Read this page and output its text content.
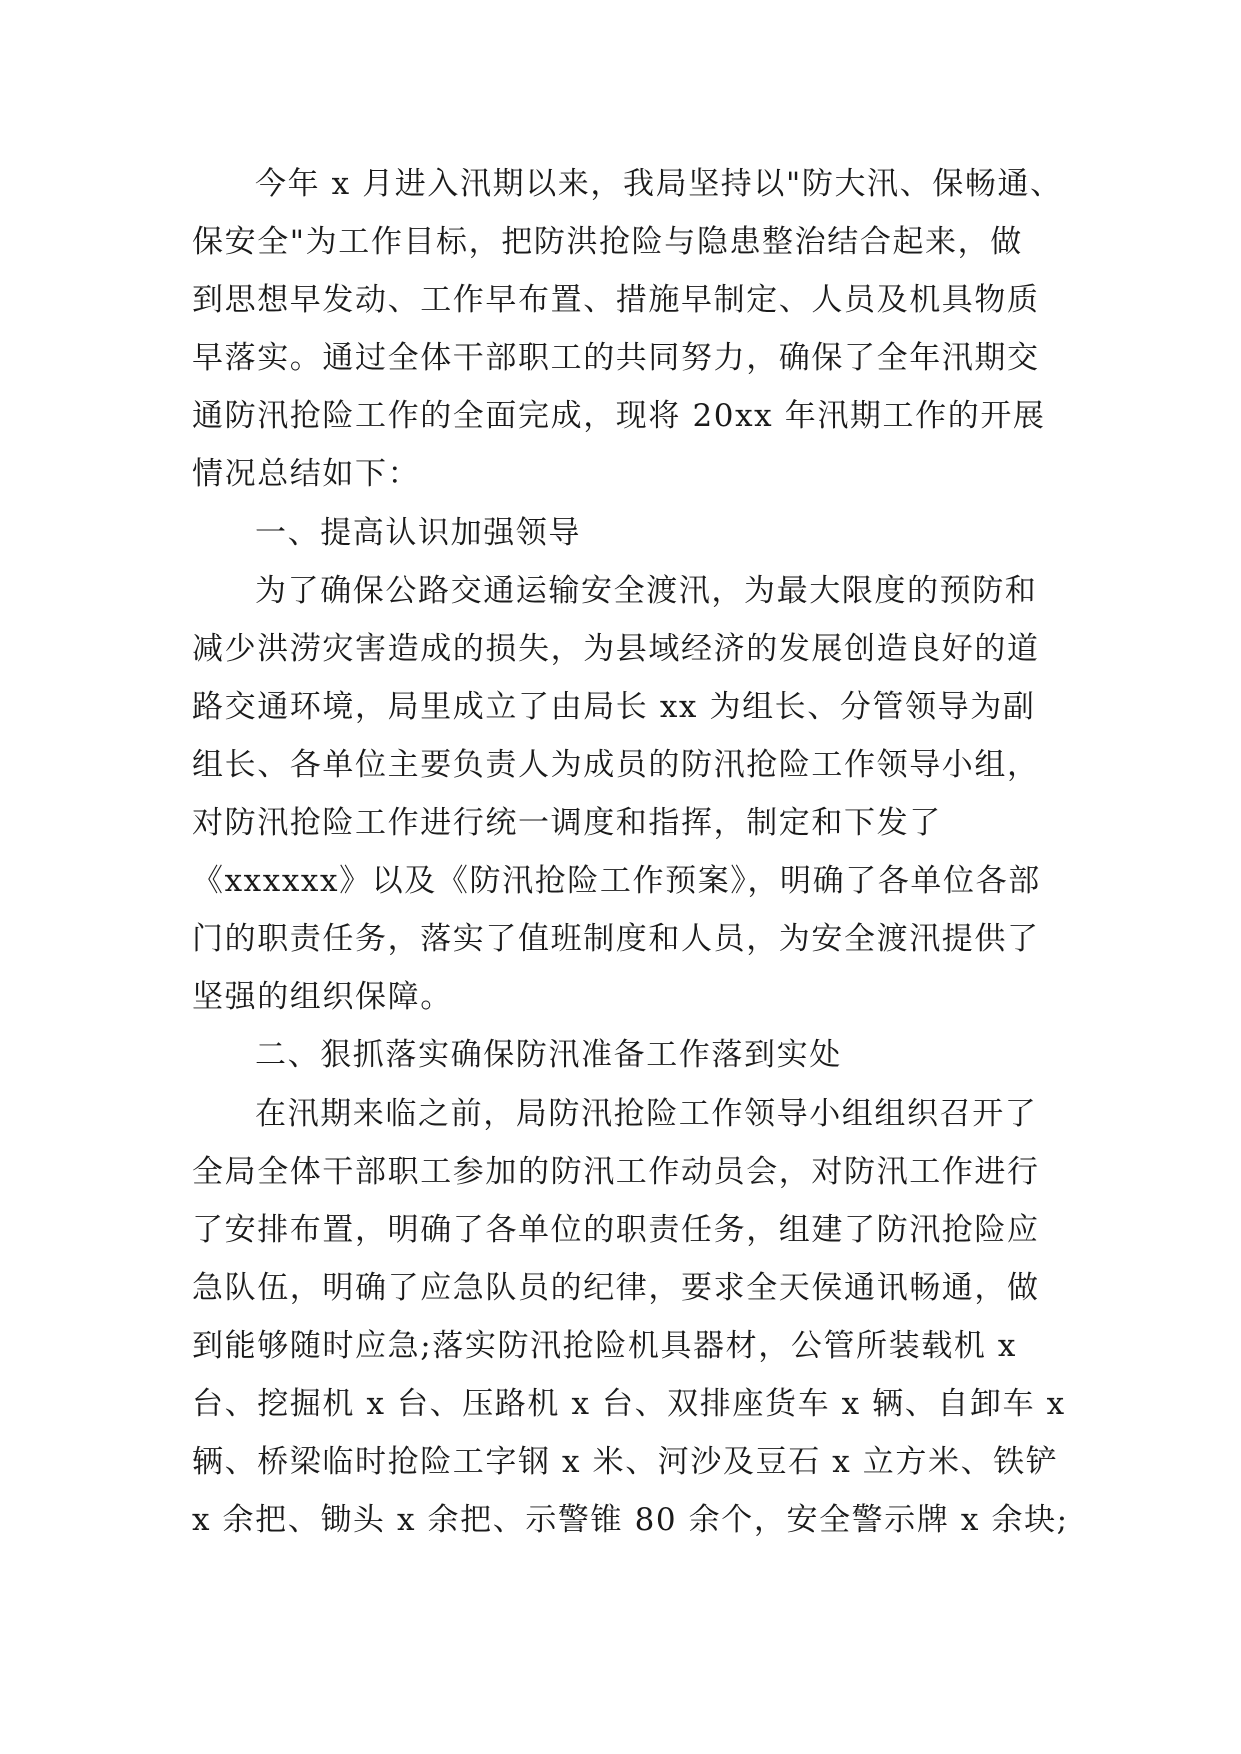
今年 x 月进入汛期以来，我局坚持以"防大汛、保畅通、
保安全"为工作目标，把防洪抢险与隐患整治结合起来，做
到思想早发动、工作早布置、措施早制定、人员及机具物质
早落实。通过全体干部职工的共同努力，确保了全年汛期交
通防汛抢险工作的全面完成，现将 20xx 年汛期工作的开展
情况总结如下：
一、提高认识加强领导
为了确保公路交通运输安全渡汛，为最大限度的预防和
减少洪涝灾害造成的损失，为县域经济的发展创造良好的道
路交通环境，局里成立了由局长 xx 为组长、分管领导为副
组长、各单位主要负责人为成员的防汛抢险工作领导小组，
对防汛抢险工作进行统一调度和指挥，制定和下发了
《xxxxxx》以及《防汛抢险工作预案》，明确了各单位各部
门的职责任务，落实了值班制度和人员，为安全渡汛提供了
坚强的组织保障。
二、狠抓落实确保防汛准备工作落到实处
在汛期来临之前，局防汛抢险工作领导小组组织召开了
全局全体干部职工参加的防汛工作动员会，对防汛工作进行
了安排布置，明确了各单位的职责任务，组建了防汛抢险应
急队伍，明确了应急队员的纪律，要求全天侯通讯畅通，做
到能够随时应急;落实防汛抢险机具器材，公管所装载机 x
台、挖掘机 x 台、压路机 x 台、双排座货车 x 辆、自卸车 x
辆、桥梁临时抢险工字钢 x 米、河沙及豆石 x 立方米、铁铲
x 余把、锄头 x 余把、示警锥 80 余个，安全警示牌 x 余块;
